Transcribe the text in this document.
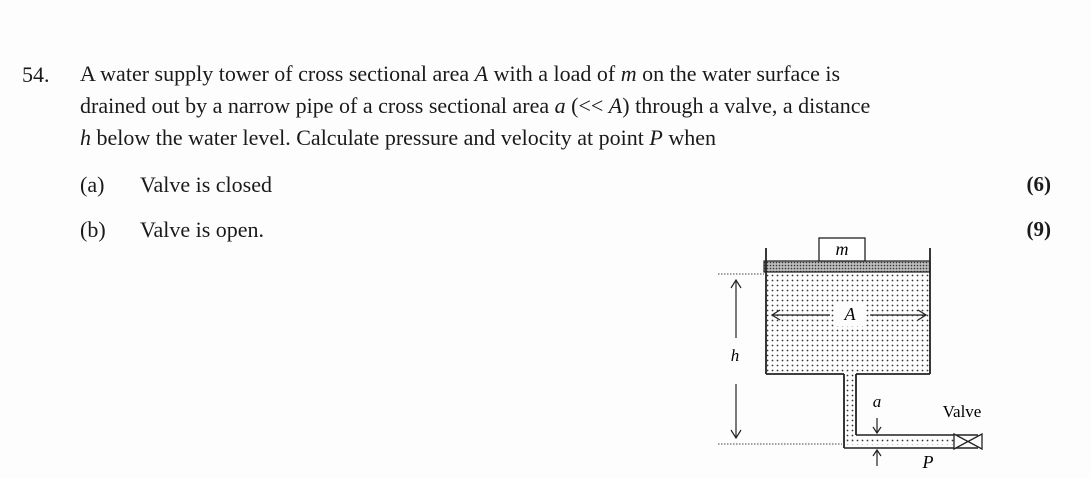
54. A water supply tower of cross sectional area A with a load of m on the water surface is
drained out by a narrow pipe of a cross sectional area a (<< A) through a valve, a distance
h below the water level. Calculate pressure and velocity at point P when
(a) Valve is closed	(6)
(b) Valve is open.	(9)
m
A
h
a
Valve
P
